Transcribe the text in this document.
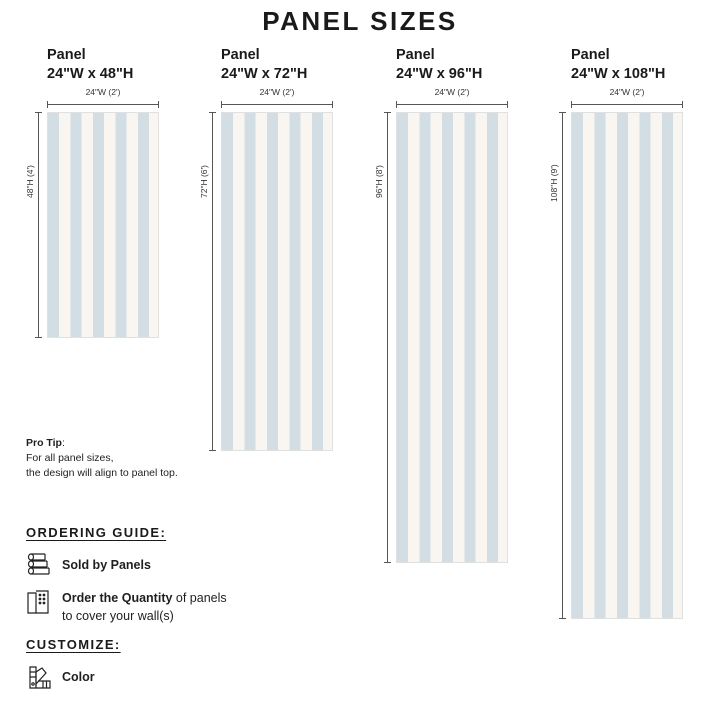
PANEL SIZES
Panel
24"W x 48"H
24"W (2')
48"H (4')
Panel
24"W x 72"H
24"W (2')
72"H (6')
Panel
24"W x 96"H
24"W (2')
96"H (8')
Panel
24"W x 108"H
24"W (2')
108"H (9')
Pro Tip:
For all panel sizes,
the design will align to panel top.
ORDERING GUIDE:
Sold by Panels
Order the Quantity of panels
to cover your wall(s)
CUSTOMIZE:
Color
